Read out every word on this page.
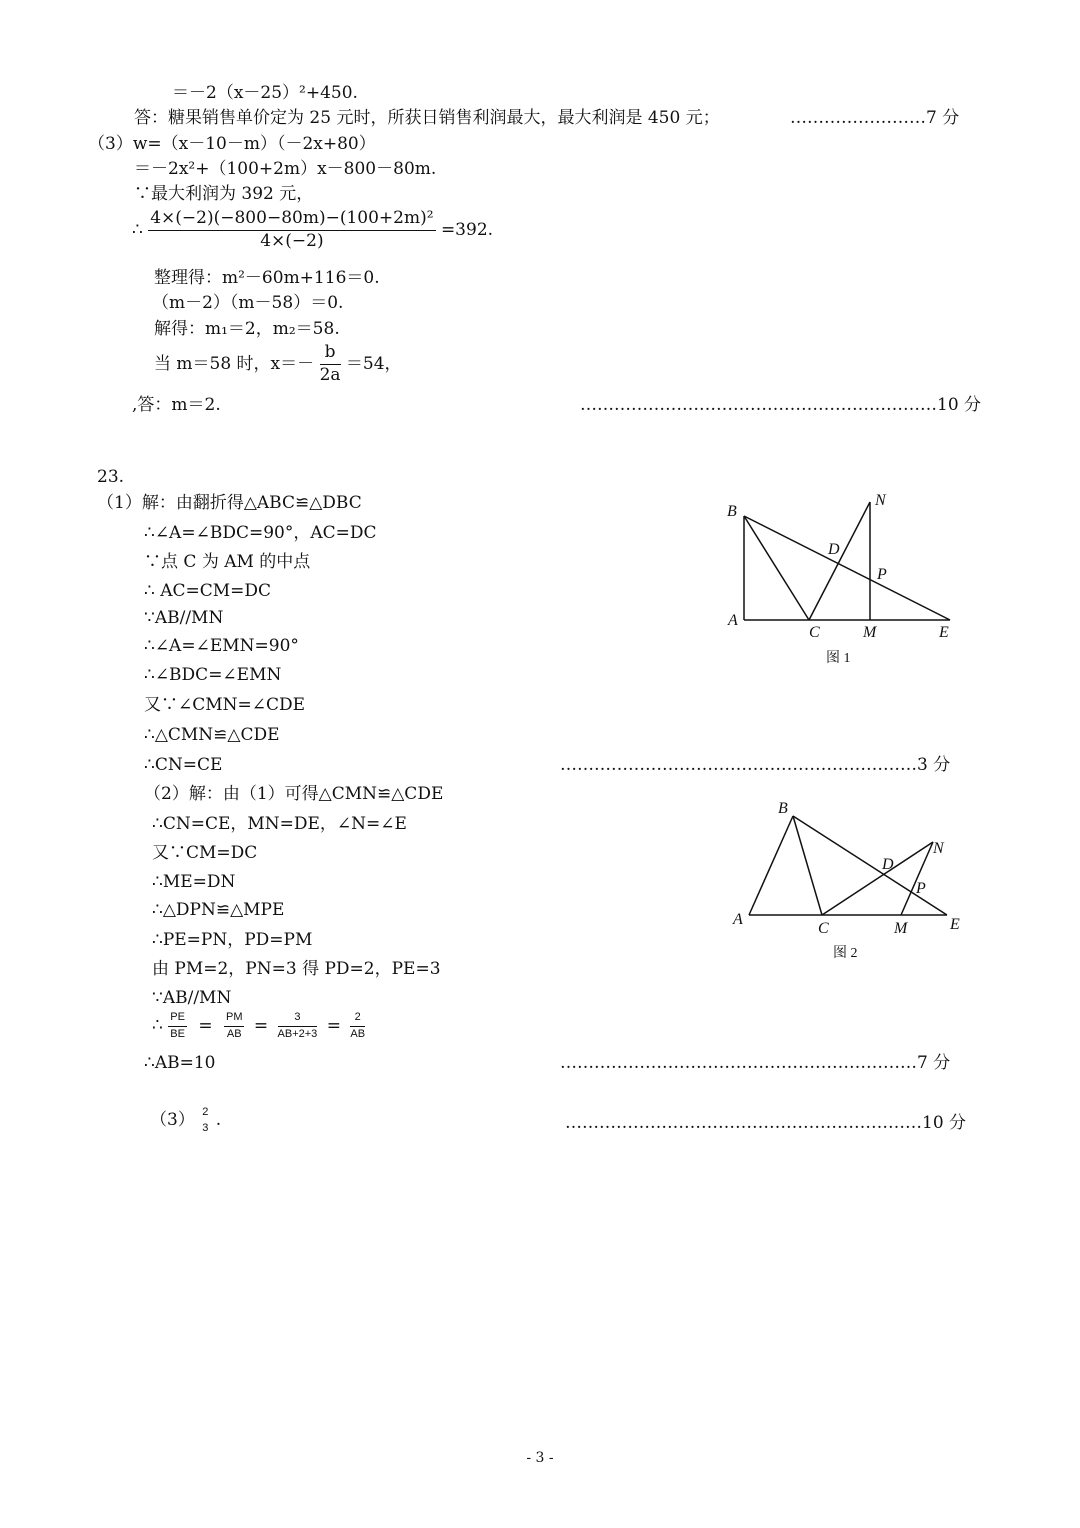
＝－2（x－25）²+450.
答：糖果销售单价定为 25 元时，所获日销售利润最大，最大利润是 450 元；	……………………7 分
（3）w=（x－10－m）（－2x+80）
＝－2x²+（100+2m）x－800－80m.
∵最大利润为 392 元，
∴ $\frac{\text{4×(−2)(−800−80m)−(100+2m)²}}{4\times(-2)} =392$.
整理得：m²－60m+116＝0.
（m－2）（m－58）＝0.
解得：m₁＝2，m₂＝58.
当 m＝58 时，$x=- \frac{b}{2a} =54$，
,答：m＝2.	………………………………………………………10 分
23.
（1）解：由翻折得△ABC≌△DBC
∴∠A=∠BDC=90°，AC=DC
∵点 C 为 AM 的中点
∴ AC=CM=DC
∵AB//MN
∴∠A=∠EMN=90°
∴∠BDC=∠EMN
又∵∠CMN=∠CDE
∴△CMN≌△CDE
∴CN=CE	………………………………………………………3 分
（2）解：由（1）可得△CMN≌△CDE
∴CN=CE，MN=DE，∠N=∠E
又∵CM=DC
∴ME=DN
∴△DPN≌△MPE
∴PE=PN，PD=PM
由 PM=2，PN=3 得 PD=2，PE=3
∵AB//MN
∴ $\frac{PE}{BE} = \frac{PM}{AB} = \frac{3}{AB+2+3} = \frac{2}{AB}$
∴AB=10	………………………………………………………7 分
（3） 2
3 .	………………………………………………………10 分
B
N
D
P
A
C	M	E
图 1
B
N
D
P
A
C	M	E
图 2
- 3 -
